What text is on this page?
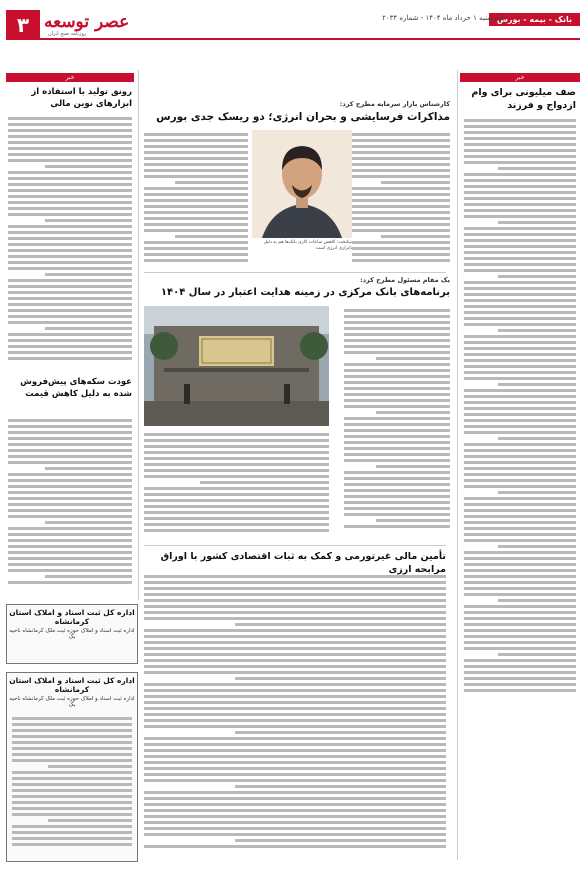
۳ عصر توسعه
روزنامه صبح ایران
بانک - بیمه - بورس
چهارشنبه ۱ خرداد ماه ۱۴۰۴ - شماره ۲۰۳۴
خبر
صف میلیونی برای وام ازدواج و فرزند
خبر
رونق تولید با استفاده از ابزارهای نوین مالی
عودت سکه‌های پیش‌فروش شده به دلیل کاهش قیمت
کارشناس بازار سرمایه مطرح کرد:
مذاکرات فرسایشی و بحران انرژی؛ دو ریسک جدی بورس
نیکبخت: کاهش ساعات کاری بانک‌ها هم به دلیل ناترازی انرژی است
یک مقام مسئول مطرح کرد:
برنامه‌های بانک مرکزی در زمینه هدایت اعتبار در سال ۱۴۰۴
تأمین مالی غیرتورمی و کمک به ثبات اقتصادی کشور با اوراق مرابحه ارزی
اداره کل ثبت اسناد و املاک استان کرمانشاه
اداره ثبت اسناد و املاک حوزه ثبت ملک کرمانشاه ناحیه یک
اداره کل ثبت اسناد و املاک استان کرمانشاه
اداره ثبت اسناد و املاک حوزه ثبت ملک کرمانشاه ناحیه یک
